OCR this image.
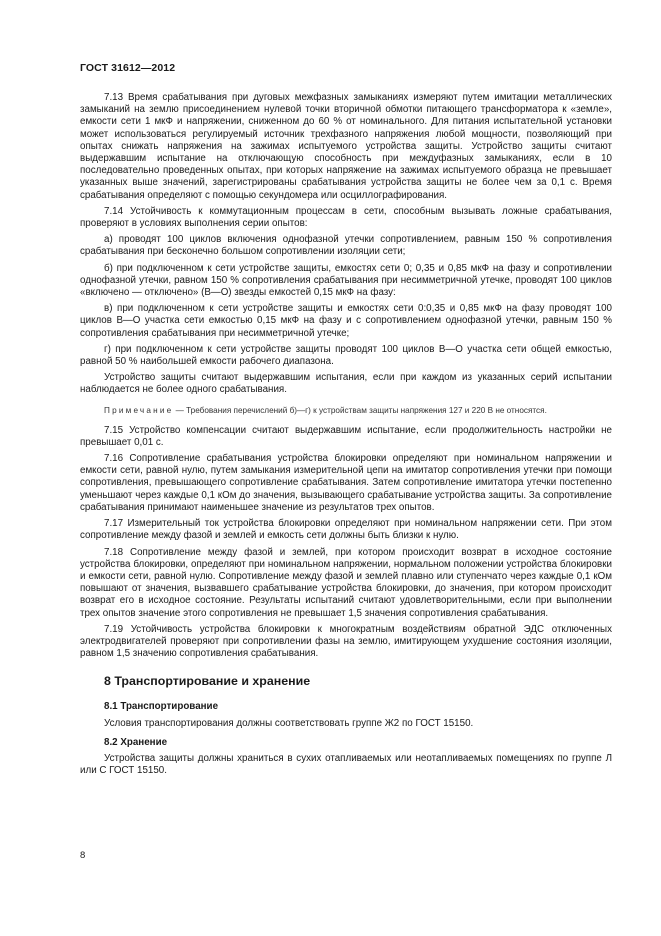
ГОСТ 31612—2012

7.13 Время срабатывания при дуговых межфазных замыканиях измеряют путем имитации металлических замыканий на землю присоединением нулевой точки вторичной обмотки питающего трансформатора к «земле», емкости сети 1 мкФ и напряжении, сниженном до 60 % от номинального. Для питания испытательной установки может использоваться регулируемый источник трехфазного напряжения любой мощности, позволяющий при опытах снижать напряжения на зажимах испытуемого устройства защиты. Устройство защиты считают выдержавшим испытание на отключающую способность при междуфазных замыканиях, если в 10 последовательно проведенных опытах, при которых напряжение на зажимах испытуемого образца не превышает указанных выше значений, зарегистрированы срабатывания устройства защиты не более чем за 0,1 с. Время срабатывания определяют с помощью секундомера или осциллографирования.

7.14 Устойчивость к коммутационным процессам в сети, способным вызывать ложные срабатывания, проверяют в условиях выполнения серии опытов:

а) проводят 100 циклов включения однофазной утечки сопротивлением, равным 150 % сопротивления срабатывания при бесконечно большом сопротивлении изоляции сети;

б) при подключенном к сети устройстве защиты, емкостях сети 0; 0,35 и 0,85 мкФ на фазу и сопротивлении однофазной утечки, равном 150 % сопротивления срабатывания при несимметричной утечке, проводят 100 циклов «включено — отключено» (В—О) звезды емкостей 0,15 мкФ на фазу:

в) при подключенном к сети устройстве защиты и емкостях сети 0:0,35 и 0,85 мкФ на фазу проводят 100 циклов В—О участка сети емкостью 0,15 мкФ на фазу и с сопротивлением однофазной утечки, равным 150 % сопротивления срабатывания при несимметричной утечке;

г) при подключенном к сети устройстве защиты проводят 100 циклов В—О участка сети общей емкостью, равной 50 % наибольшей емкости рабочего диапазона.

Устройство защиты считают выдержавшим испытания, если при каждом из указанных серий испытании наблюдается не более одного срабатывания.

Примечание — Требования перечислений б)—г) к устройствам защиты напряжения 127 и 220 В не относятся.

7.15 Устройство компенсации считают выдержавшим испытание, если продолжительность настройки не превышает 0,01 с.

7.16 Сопротивление срабатывания устройства блокировки определяют при номинальном напряжении и емкости сети, равной нулю, путем замыкания измерительной цепи на имитатор сопротивления утечки при помощи сопротивления, превышающего сопротивление срабатывания. Затем сопротивление имитатора утечки постепенно уменьшают через каждые 0,1 кОм до значения, вызывающего срабатывание устройства защиты. За сопротивление срабатывания принимают наименьшее значение из результатов трех опытов.

7.17 Измерительный ток устройства блокировки определяют при номинальном напряжении сети. При этом сопротивление между фазой и землей и емкость сети должны быть близки к нулю.

7.18 Сопротивление между фазой и землей, при котором происходит возврат в исходное состояние устройства блокировки, определяют при номинальном напряжении, нормальном положении устройства блокировки и емкости сети, равной нулю. Сопротивление между фазой и землей плавно или ступенчато через каждые 0,1 кОм повышают от значения, вызвавшего срабатывание устройства блокировки, до значения, при котором происходит возврат его в исходное состояние. Результаты испытаний считают удовлетворительными, если при выполнении трех опытов значение этого сопротивления не превышает 1,5 значения сопротивления срабатывания.

7.19 Устойчивость устройства блокировки к многократным воздействиям обратной ЭДС отключенных электродвигателей проверяют при сопротивлении фазы на землю, имитирующем ухудшение состояния изоляции, равном 1,5 значению сопротивления срабатывания.

8 Транспортирование и хранение
8.1 Транспортирование

Условия транспортирования должны соответствовать группе Ж2 по ГОСТ 15150.

8.2 Хранение

Устройства защиты должны храниться в сухих отапливаемых или неотапливаемых помещениях по группе Л или С ГОСТ 15150.

8
